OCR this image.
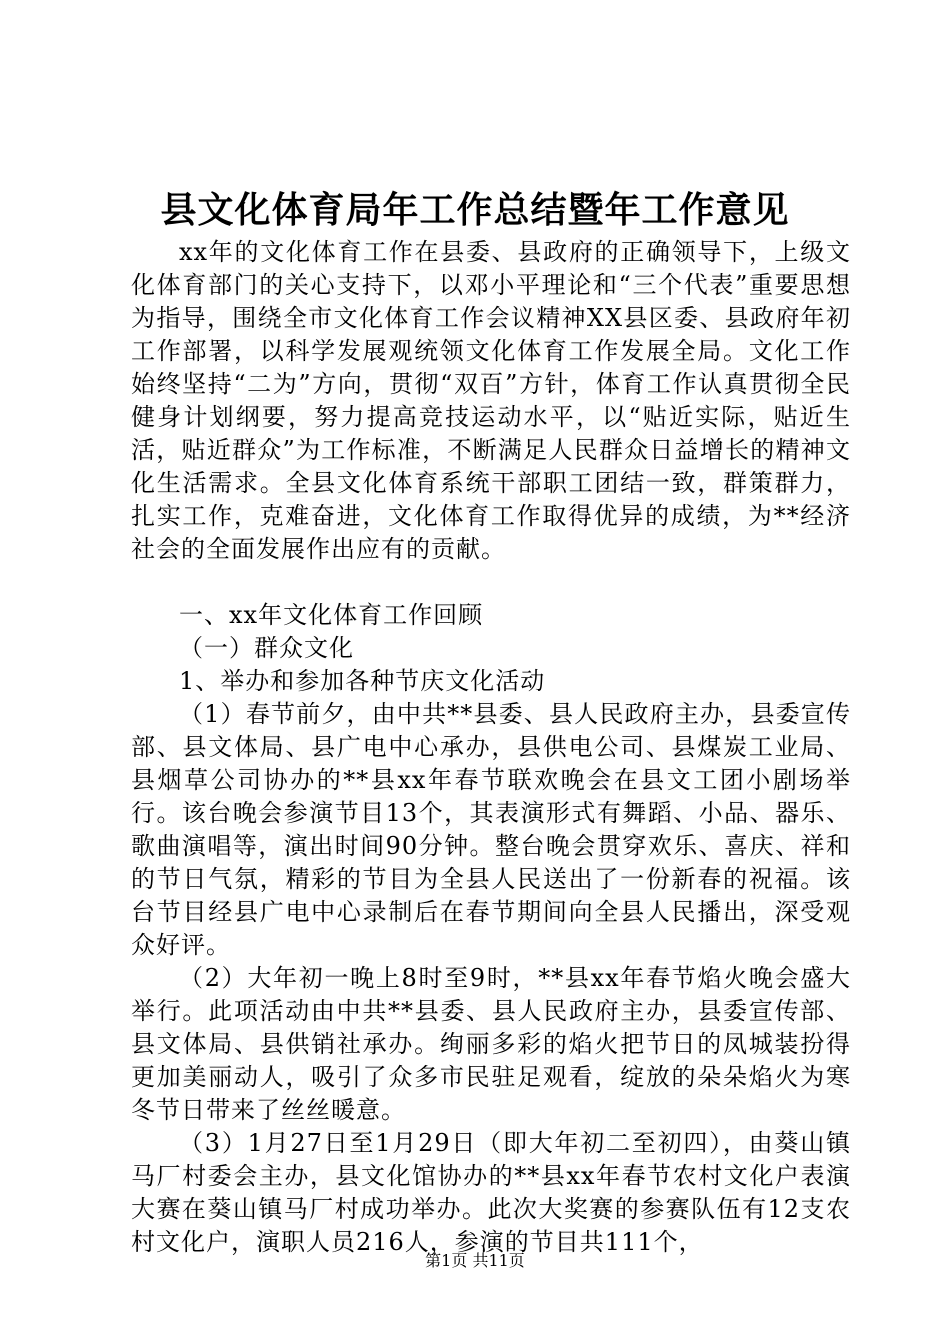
县文化体育局年工作总结暨年工作意见

xx年的文化体育工作在县委、县政府的正确领导下，上级文化体育部门的关心支持下，以邓小平理论和“三个代表”重要思想为指导，围绕全市文化体育工作会议精神XX县区委、县政府年初工作部署，以科学发展观统领文化体育工作发展全局。文化工作始终坚持“二为”方向，贯彻“双百”方针，体育工作认真贯彻全民健身计划纲要，努力提高竞技运动水平，以“贴近实际，贴近生活，贴近群众”为工作标准，不断满足人民群众日益增长的精神文化生活需求。全县文化体育系统干部职工团结一致，群策群力，扎实工作，克难奋进，文化体育工作取得优异的成绩，为**经济社会的全面发展作出应有的贡献。

一、xx年文化体育工作回顾

（一）群众文化

1、举办和参加各种节庆文化活动

（1）春节前夕，由中共**县委、县人民政府主办，县委宣传部、县文体局、县广电中心承办，县供电公司、县煤炭工业局、县烟草公司协办的**县xx年春节联欢晚会在县文工团小剧场举行。该台晚会参演节目13个，其表演形式有舞蹈、小品、器乐、歌曲演唱等，演出时间90分钟。整台晚会贯穿欢乐、喜庆、祥和的节日气氛，精彩的节目为全县人民送出了一份新春的祝福。该台节目经县广电中心录制后在春节期间向全县人民播出，深受观众好评。

（2）大年初一晚上8时至9时，**县xx年春节焰火晚会盛大举行。此项活动由中共**县委、县人民政府主办，县委宣传部、县文体局、县供销社承办。绚丽多彩的焰火把节日的凤城装扮得更加美丽动人，吸引了众多市民驻足观看，绽放的朵朵焰火为寒冬节日带来了丝丝暖意。

（3）1月27日至1月29日（即大年初二至初四），由葵山镇马厂村委会主办，县文化馆协办的**县xx年春节农村文化户表演大赛在葵山镇马厂村成功举办。此次大奖赛的参赛队伍有12支农村文化户，演职人员216人，参演的节目共111个，

第1页 共11页
